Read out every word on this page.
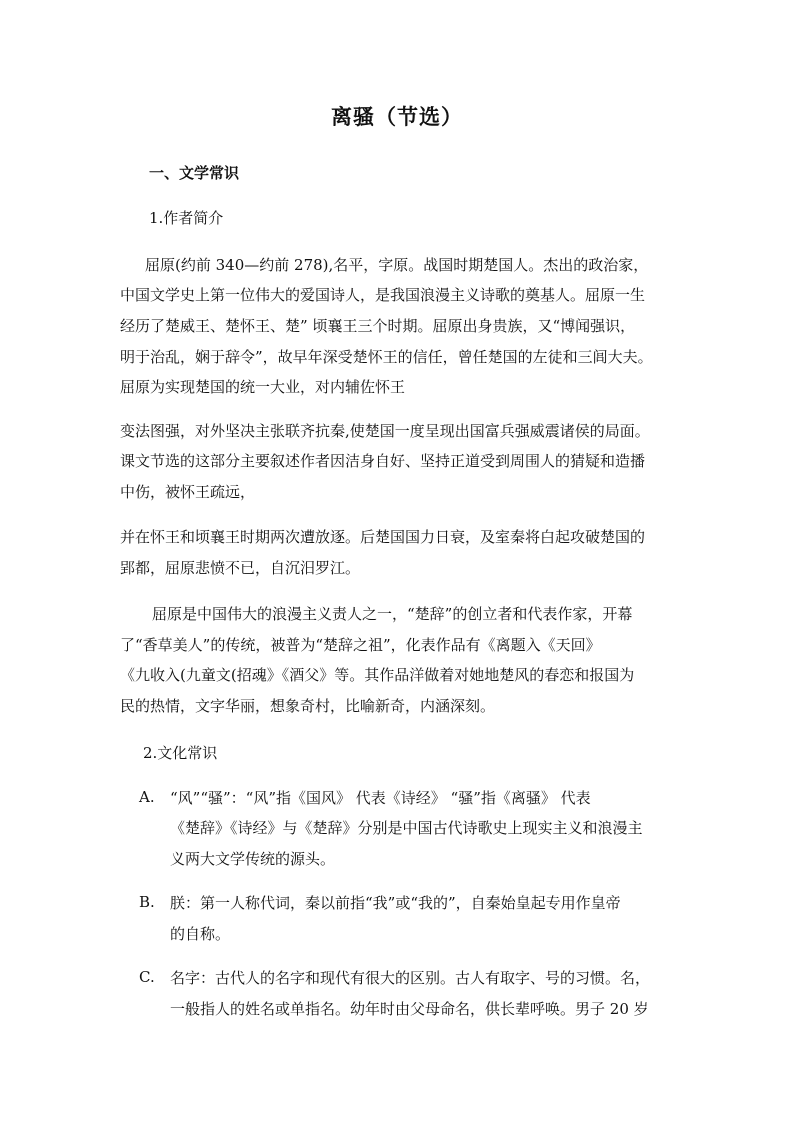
离骚（节选）
一、文学常识
1.作者简介
屈原(约前 340—约前 278),名平，字原。战国时期楚国人。杰出的政治家，
中国文学史上第一位伟大的爱国诗人，是我国浪漫主义诗歌的奠基人。屈原一生
经历了楚威王、楚怀王、楚” 顷襄王三个时期。屈原出身贵族，又“博闻强识，
明于治乱，娴于辞令”，故早年深受楚怀王的信任，曾任楚国的左徒和三闾大夫。
屈原为实现楚国的统一大业，对内辅佐怀王
变法图强，对外坚决主张联齐抗秦,使楚国一度呈现出国富兵强威震诸侯的局面。
课文节选的这部分主要叙述作者因洁身自好、坚持正道受到周围人的猜疑和造播
中伤，被怀王疏远，
并在怀王和顷襄王时期两次遭放逐。后楚国国力日衰，及室秦将白起攻破楚国的
郢都，屈原悲愤不已，自沉汨罗江。
屈原是中国伟大的浪漫主义责人之一，“楚辞”的创立者和代表作家，开幕
了“香草美人”的传统，被普为“楚辞之祖”，化表作品有《离题入《天回》
《九收入(九童文(招魂》《酒父》等。其作品洋做着对她地楚风的春恋和报国为
民的热情，文字华丽，想象奇村，比喻新奇，内涵深刻。
2.文化常识
A. “风”“骚”：“风”指《国风》 代表《诗经》 “骚”指《离骚》 代表
《楚辞》《诗经》与《楚辞》分别是中国古代诗歌史上现实主义和浪漫主
义两大文学传统的源头。
B. 朕：第一人称代词，秦以前指“我”或“我的”，自秦始皇起专用作皇帝
的自称。
C. 名字：古代人的名字和现代有很大的区别。古人有取字、号的习惯。名，
一般指人的姓名或单指名。幼年时由父母命名，供长辈呼唤。男子 20 岁
